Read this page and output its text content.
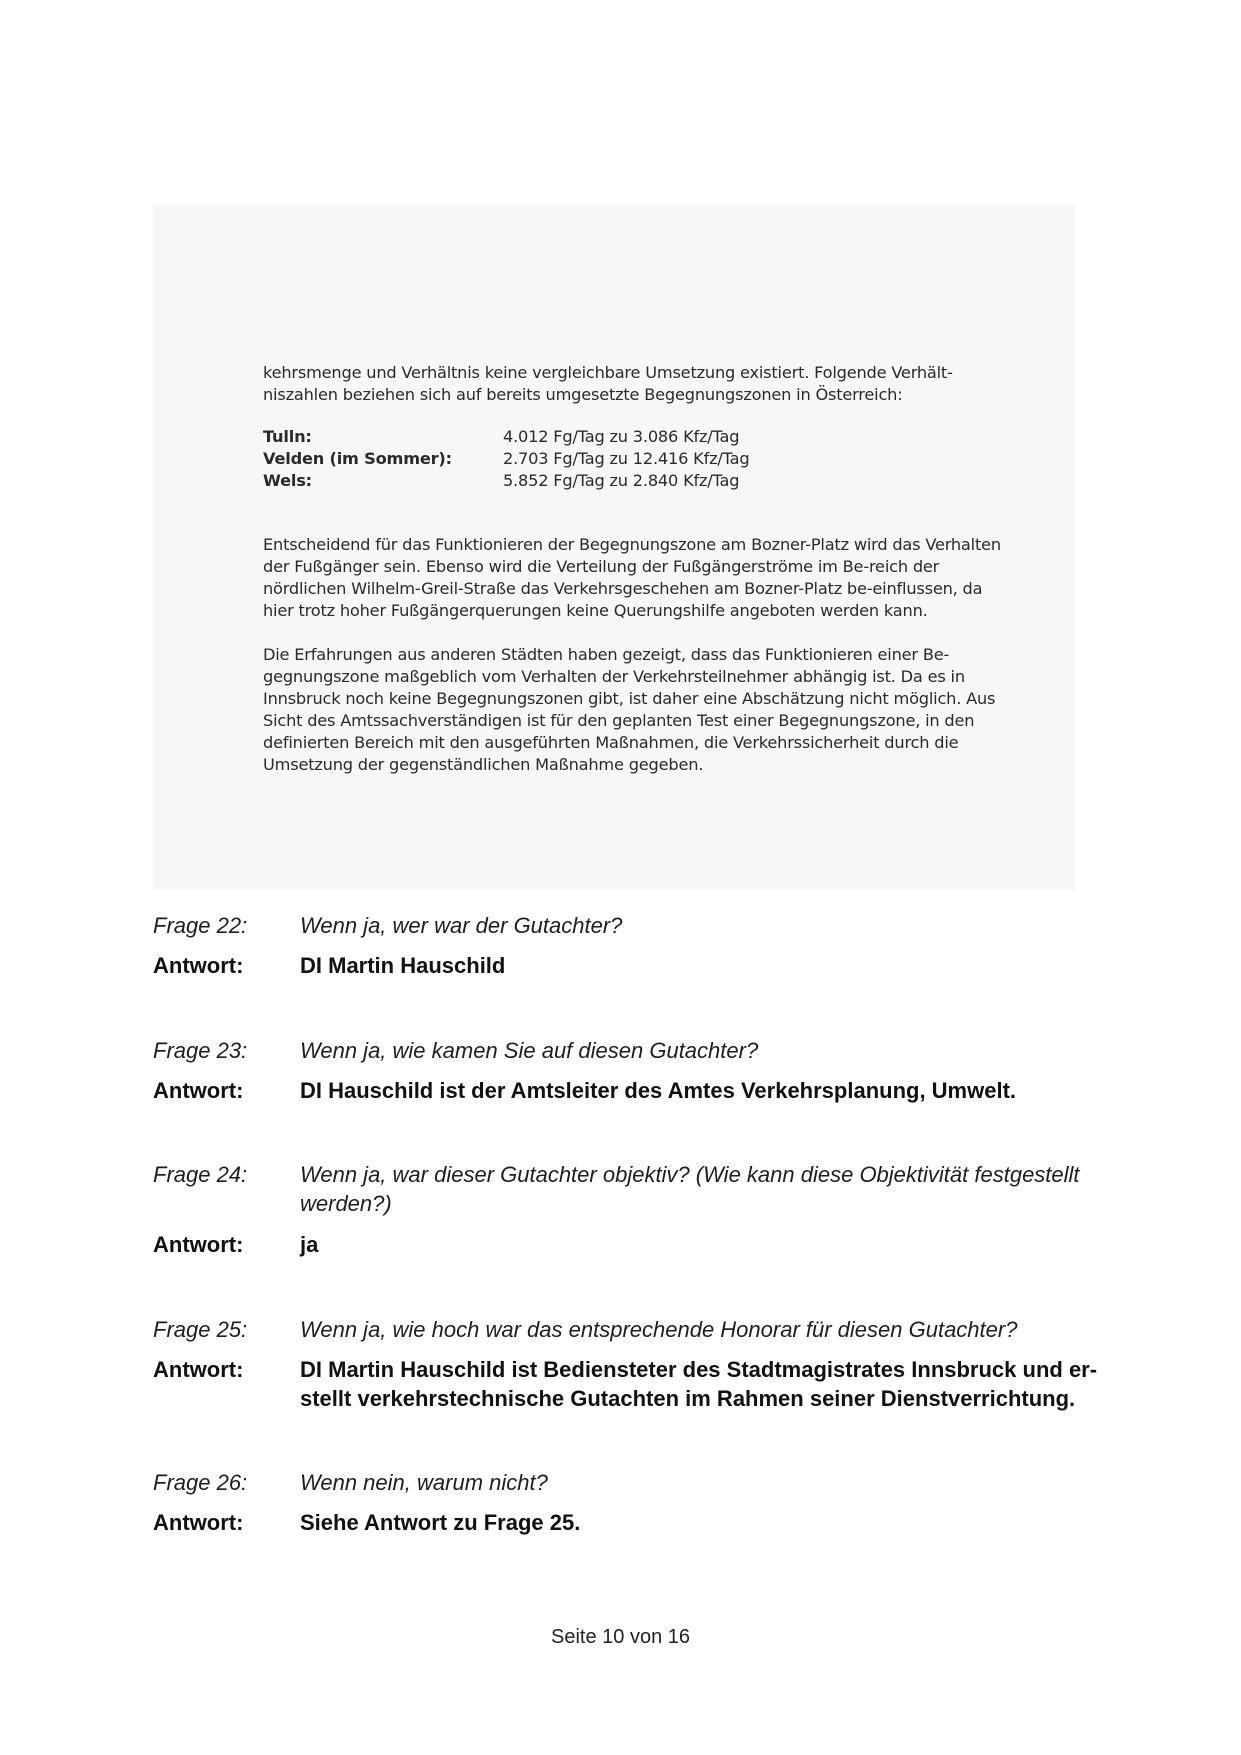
kehrsmenge und Verhältnis keine vergleichbare Umsetzung existiert. Folgende Verhält-niszahlen beziehen sich auf bereits umgesetzte Begegnungszonen in Österreich:

Tulln:	4.012 Fg/Tag zu 3.086 Kfz/Tag
Velden (im Sommer):	2.703 Fg/Tag zu 12.416 Kfz/Tag
Wels:	5.852 Fg/Tag zu 2.840 Kfz/Tag

Entscheidend für das Funktionieren der Begegnungszone am Bozner-Platz wird das Verhalten der Fußgänger sein. Ebenso wird die Verteilung der Fußgängerströme im Be-reich der nördlichen Wilhelm-Greil-Straße das Verkehrsgeschehen am Bozner-Platz be-einflussen, da hier trotz hoher Fußgängerquerungen keine Querungshilfe angeboten werden kann.

Die Erfahrungen aus anderen Städten haben gezeigt, dass das Funktionieren einer Be-gegnungszone maßgeblich vom Verhalten der Verkehrsteilnehmer abhängig ist. Da es in Innsbruck noch keine Begegnungszonen gibt, ist daher eine Abschätzung nicht möglich. Aus Sicht des Amtssachverständigen ist für den geplanten Test einer Begegnungszone, in den definierten Bereich mit den ausgeführten Maßnahmen, die Verkehrssicherheit durch die Umsetzung der gegenständlichen Maßnahme gegeben.

Frage 22:	Wenn ja, wer war der Gutachter?
Antwort:	DI Martin Hauschild
Frage 23:	Wenn ja, wie kamen Sie auf diesen Gutachter?
Antwort:	DI Hauschild ist der Amtsleiter des Amtes Verkehrsplanung, Umwelt.
Frage 24:	Wenn ja, war dieser Gutachter objektiv? (Wie kann diese Objektivität festgestellt werden?)
Antwort:	ja
Frage 25:	Wenn ja, wie hoch war das entsprechende Honorar für diesen Gutachter?
Antwort:	DI Martin Hauschild ist Bediensteter des Stadtmagistrates Innsbruck und er-stellt verkehrstechnische Gutachten im Rahmen seiner Dienstverrichtung.
Frage 26:	Wenn nein, warum nicht?
Antwort:	Siehe Antwort zu Frage 25.
Seite 10 von 16
